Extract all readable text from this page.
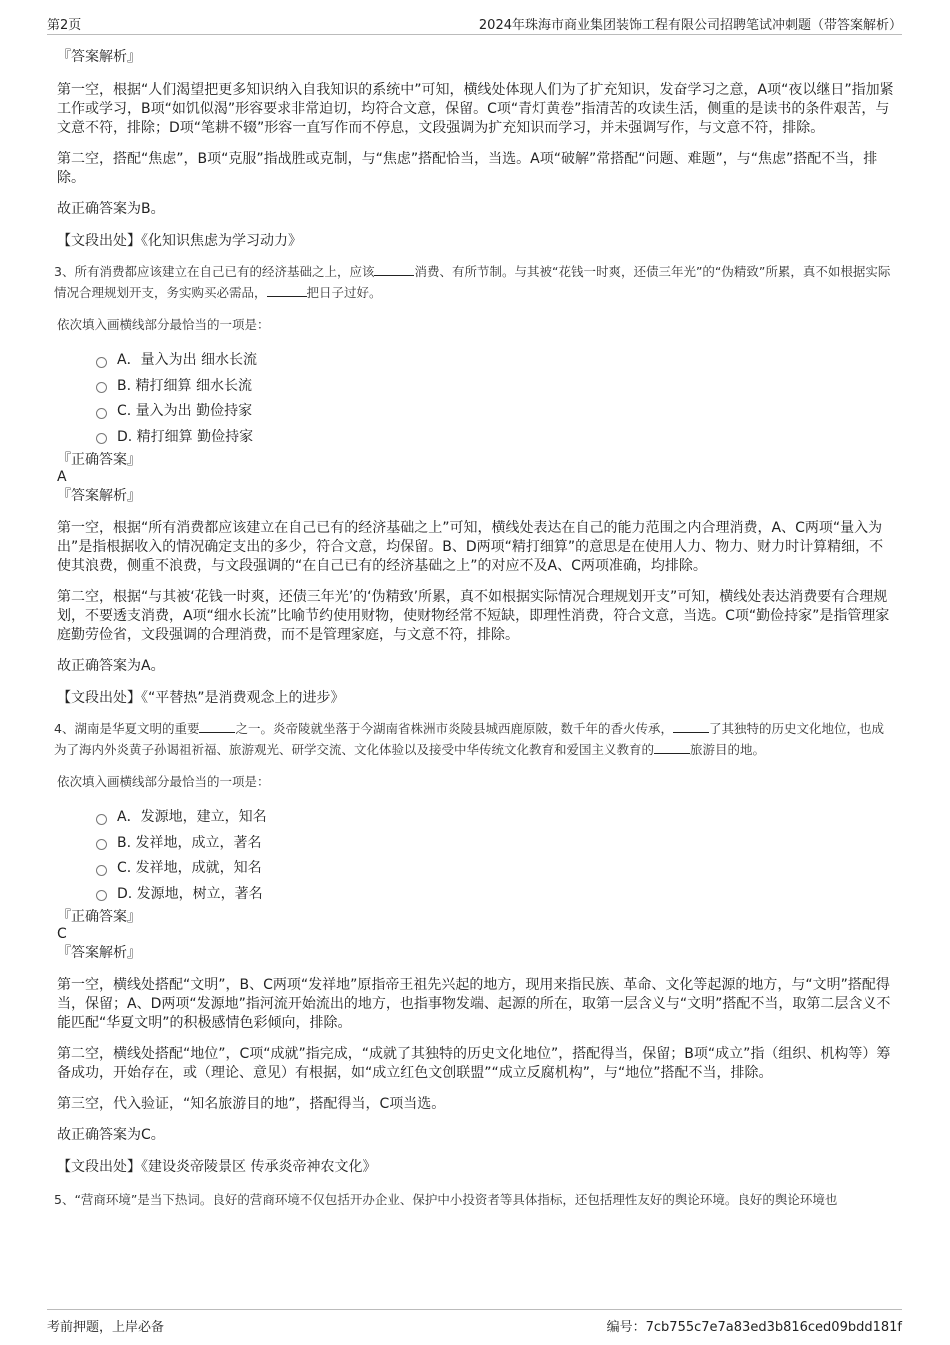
第2页	2024年珠海市商业集团装饰工程有限公司招聘笔试冲刺题（带答案解析）
『答案解析』
第一空，根据“人们渴望把更多知识纳入自我知识的系统中”可知，横线处体现人们为了扩充知识，发奋学习之意，A项“夜以继日”指加紧工作或学习，B项“如饥似渴”形容要求非常迫切，均符合文意，保留。C项“青灯黄卷”指清苦的攻读生活，侧重的是读书的条件艰苦，与文意不符，排除；D项“笔耕不辍”形容一直写作而不停息，文段强调为扩充知识而学习，并未强调写作，与文意不符，排除。
第二空，搭配“焦虑”，B项“克服”指战胜或克制，与“焦虑”搭配恰当，当选。A项“破解”常搭配“问题、难题”，与“焦虑”搭配不当，排除。
故正确答案为B。
【文段出处】《化知识焦虑为学习动力》
3、所有消费都应该建立在自己已有的经济基础之上，应该	消费、有所节制。与其被“花钱一时爽，还债三年光”的“伪精致”所累，真不如根据实际情况合理规划开支，务实购买必需品，	把日子过好。
依次填入画横线部分最恰当的一项是：
A．量入为出 细水长流
B. 精打细算 细水长流
C. 量入为出 勤俭持家
D. 精打细算 勤俭持家
『正确答案』
A
『答案解析』
第一空，根据“所有消费都应该建立在自己已有的经济基础之上”可知，横线处表达在自己的能力范围之内合理消费，A、C两项“量入为出”是指根据收入的情况确定支出的多少，符合文意，均保留。B、D两项“精打细算”的意思是在使用人力、物力、财力时计算精细，不使其浪费，侧重不浪费，与文段强调的“在自己已有的经济基础之上”的对应不及A、C两项准确，均排除。
第二空，根据“与其被‘花钱一时爽，还债三年光’的‘伪精致’所累，真不如根据实际情况合理规划开支”可知，横线处表达消费要有合理规划，不要透支消费，A项“细水长流”比喻节约使用财物，使财物经常不短缺，即理性消费，符合文意，当选。C项“勤俭持家”是指管理家庭勤劳俭省，文段强调的合理消费，而不是管理家庭，与文意不符，排除。
故正确答案为A。
【文段出处】《“平替热”是消费观念上的进步》
4、湖南是华夏文明的重要	之一。炎帝陵就坐落于今湖南省株洲市炎陵县城西鹿原陂，数千年的香火传承，	了其独特的历史文化地位，也成为了海内外炎黄子孙谒祖祈福、旅游观光、研学交流、文化体验以及接受中华传统文化教育和爱国主义教育的	旅游目的地。
依次填入画横线部分最恰当的一项是：
A．发源地，建立，知名
B. 发祥地，成立，著名
C. 发祥地，成就，知名
D. 发源地，树立，著名
『正确答案』
C
『答案解析』
第一空，横线处搭配“文明”，B、C两项“发祥地”原指帝王祖先兴起的地方，现用来指民族、革命、文化等起源的地方，与“文明”搭配得当，保留；A、D两项“发源地”指河流开始流出的地方，也指事物发端、起源的所在，取第一层含义与“文明”搭配不当，取第二层含义不能匹配“华夏文明”的积极感情色彩倾向，排除。
第二空，横线处搭配“地位”，C项“成就”指完成，“成就了其独特的历史文化地位”，搭配得当，保留；B项“成立”指（组织、机构等）筹备成功，开始存在，或（理论、意见）有根据，如“成立红色文创联盟”“成立反腐机构”，与“地位”搭配不当，排除。
第三空，代入验证，“知名旅游目的地”，搭配得当，C项当选。
故正确答案为C。
【文段出处】《建设炎帝陵景区 传承炎帝神农文化》
5、“营商环境”是当下热词。良好的营商环境不仅包括开办企业、保护中小投资者等具体指标，还包括理性友好的舆论环境。良好的舆论环境也
考前押题，上岸必备	编号：7cb755c7e7a83ed3b816ced09bdd181f
